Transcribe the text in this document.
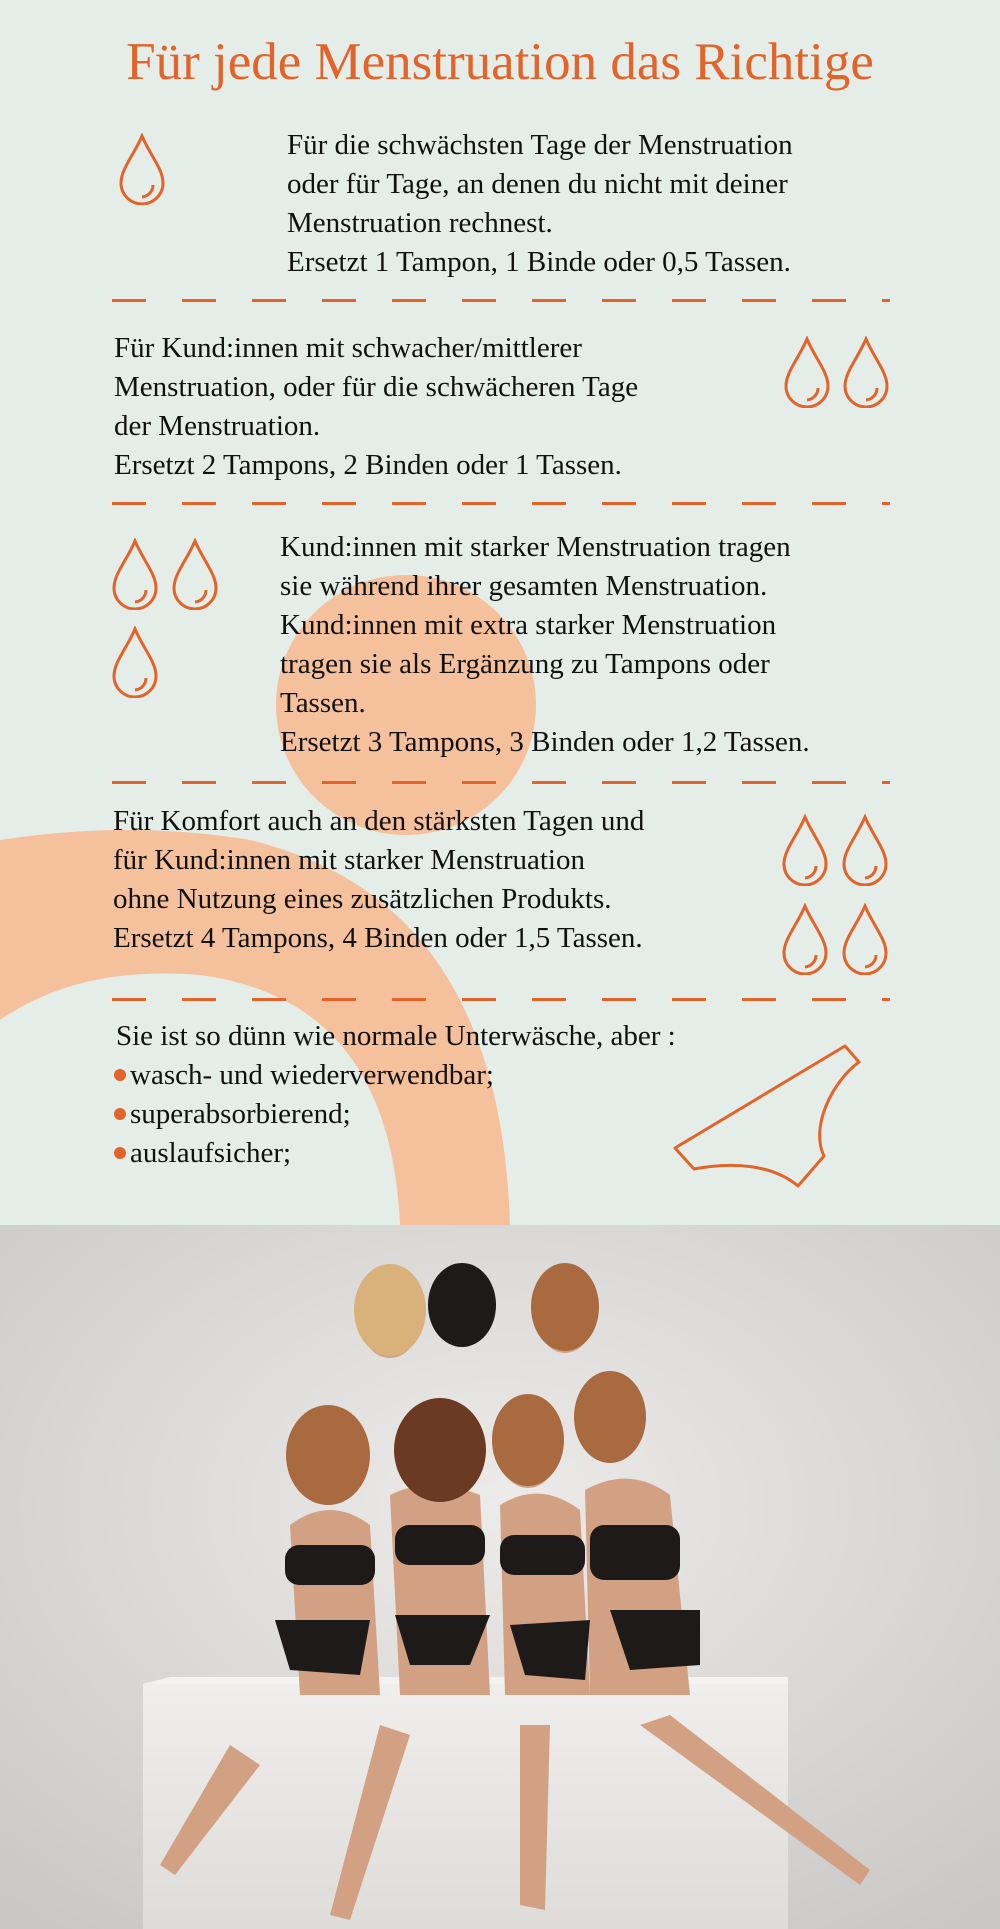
Für jede Menstruation das Richtige
Für die schwächsten Tage der Menstruation
oder für Tage, an denen du nicht mit deiner
Menstruation rechnest.
Ersetzt 1 Tampon, 1 Binde oder 0,5 Tassen.
Für Kund:innen mit schwacher/mittlerer
Menstruation, oder für die schwächeren Tage
der Menstruation.
Ersetzt 2 Tampons, 2 Binden oder 1 Tassen.
Kund:innen mit starker Menstruation tragen
sie während ihrer gesamten Menstruation.
Kund:innen mit extra starker Menstruation
tragen sie als Ergänzung zu Tampons oder
Tassen.
Ersetzt 3 Tampons, 3 Binden oder 1,2 Tassen.
Für Komfort auch an den stärksten Tagen und
für Kund:innen mit starker Menstruation
ohne Nutzung eines zusätzlichen Produkts.
Ersetzt 4 Tampons, 4 Binden oder 1,5 Tassen.
Sie ist so dünn wie normale Unterwäsche, aber :
wasch- und wiederverwendbar;
superabsorbierend;
auslaufsicher;
